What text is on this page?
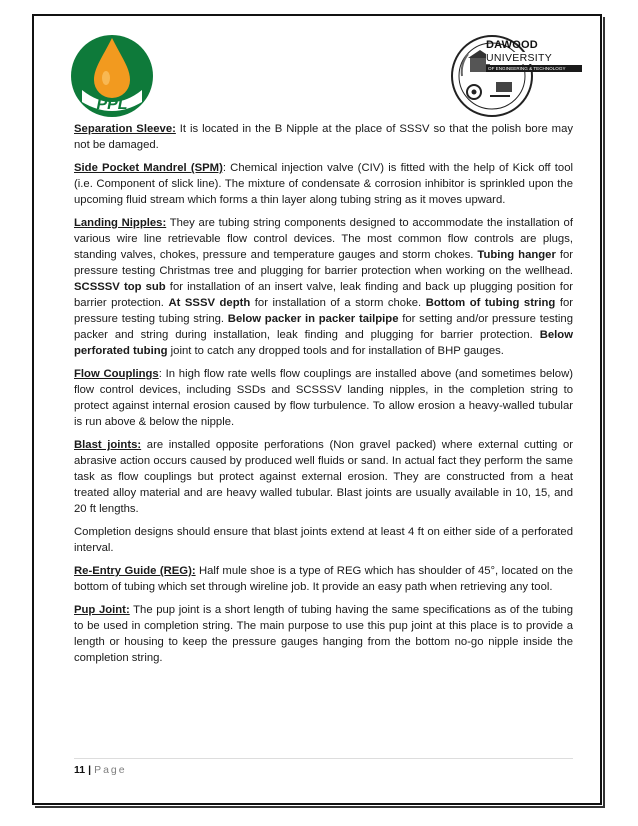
PPL
DAWOOD
UNIVERSITY
OF ENGINEERING & TECHNOLOGY

Separation Sleeve: It is located in the B Nipple at the place of SSSV so that the polish bore may not be damaged.

Side Pocket Mandrel (SPM): Chemical injection valve (CIV) is fitted with the help of Kick off tool (i.e. Component of slick line). The mixture of condensate & corrosion inhibitor is sprinkled upon the upcoming fluid stream which forms a thin layer along tubing string as it moves upward.

Landing Nipples: They are tubing string components designed to accommodate the installation of various wire line retrievable flow control devices. The most common flow controls are plugs, standing valves, chokes, pressure and temperature gauges and storm chokes. Tubing hanger for pressure testing Christmas tree and plugging for barrier protection when working on the wellhead. SCSSSV top sub for installation of an insert valve, leak finding and back up plugging position for barrier protection. At SSSV depth for installation of a storm choke. Bottom of tubing string for pressure testing tubing string. Below packer in packer tailpipe for setting and/or pressure testing packer and string during installation, leak finding and plugging for barrier protection. Below perforated tubing joint to catch any dropped tools and for installation of BHP gauges.

Flow Couplings: In high flow rate wells flow couplings are installed above (and sometimes below) flow control devices, including SSDs and SCSSSV landing nipples, in the completion string to protect against internal erosion caused by flow turbulence. To allow erosion a heavy-walled tubular is run above & below the nipple.

Blast joints: are installed opposite perforations (Non gravel packed) where external cutting or abrasive action occurs caused by produced well fluids or sand. In actual fact they perform the same task as flow couplings but protect against external erosion. They are constructed from a heat treated alloy material and are heavy walled tubular. Blast joints are usually available in 10, 15, and 20 ft lengths.

Completion designs should ensure that blast joints extend at least 4 ft on either side of a perforated interval.

Re-Entry Guide (REG): Half mule shoe is a type of REG which has shoulder of 45°, located on the bottom of tubing which set through wireline job. It provide an easy path when retrieving any tool.

Pup Joint: The pup joint is a short length of tubing having the same specifications as of the tubing to be used in completion string. The main purpose to use this pup joint at this place is to provide a length or housing to keep the pressure gauges hanging from the bottom no-go nipple inside the completion string.

11 | Page
